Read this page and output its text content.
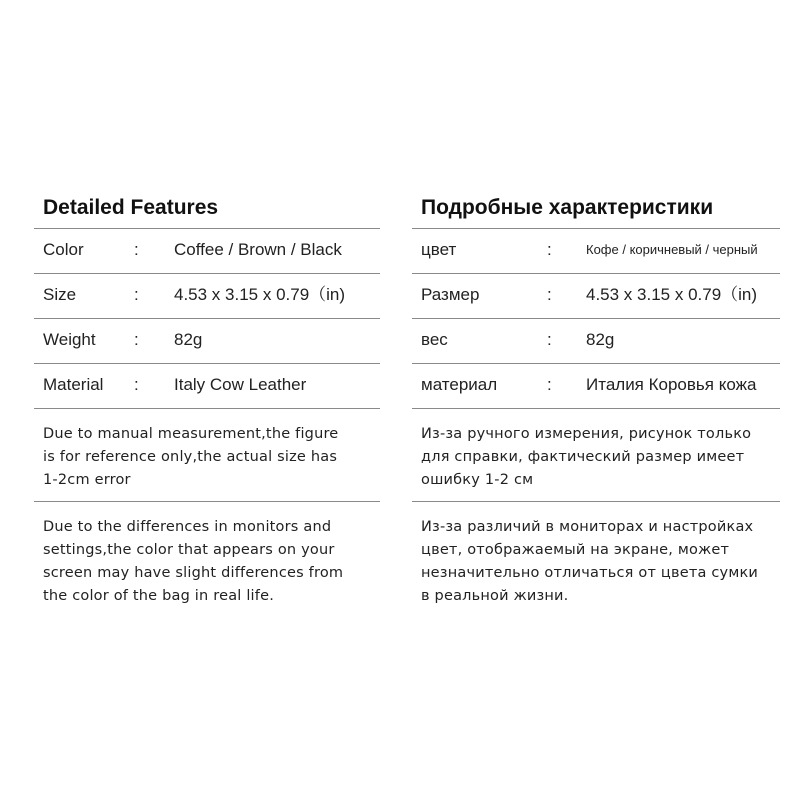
Detailed Features
Color	: Coffee / Brown / Black
Size	: 4.53 x 3.15 x 0.79（in)
Weight : 82g
Material : Italy Cow Leather
Due to manual measurement,the figure
is for reference only,the actual size has
1-2cm error
Due to the differences in monitors and
settings,the color that appears on your
screen may have slight differences from
the color of the bag in real life.
Подробные характеристики
цвет	:	Кофе / коричневый / черный
Размер	: 4.53 x 3.15 x 0.79（in)
вес	: 82g
материал	: Италия Коровья кожа
Из-за ручного измерения, рисунок только
для справки, фактический размер имеет
ошибку 1-2 см
Из-за различий в мониторах и настройках
цвет, отображаемый на экране, может
незначительно отличаться от цвета сумки
в реальной жизни.
